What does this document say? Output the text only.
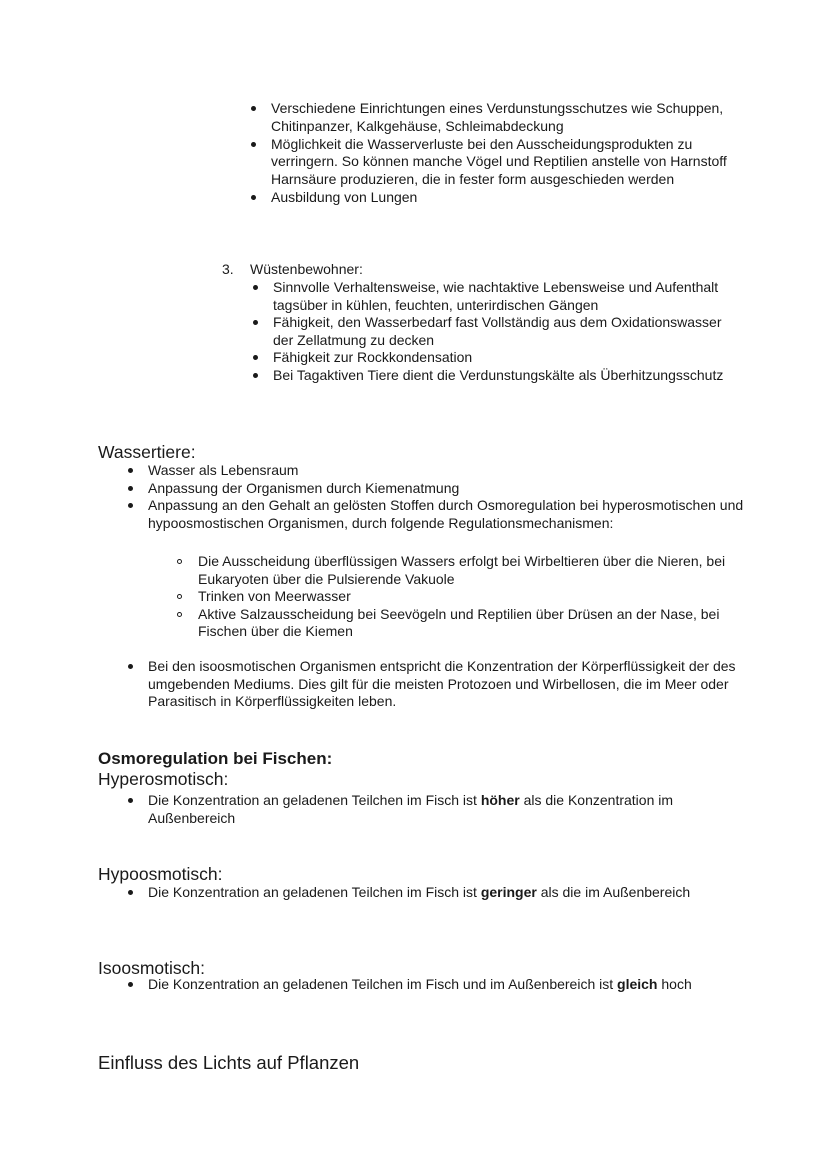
Verschiedene Einrichtungen eines Verdunstungsschutzes wie Schuppen, Chitinpanzer, Kalkgehäuse, Schleimabdeckung
Möglichkeit die Wasserverluste bei den Ausscheidungsprodukten zu verringern. So können manche Vögel und Reptilien anstelle von Harnstoff Harnsäure produzieren, die in fester form ausgeschieden werden
Ausbildung von Lungen
3. Wüstenbewohner:
Sinnvolle Verhaltensweise, wie nachtaktive Lebensweise und Aufenthalt tagsüber in kühlen, feuchten, unterirdischen Gängen
Fähigkeit, den Wasserbedarf fast Vollständig aus dem Oxidationswasser der Zellatmung zu decken
Fähigkeit zur Rockkondensation
Bei Tagaktiven Tiere dient die Verdunstungskälte als Überhitzungsschutz
Wassertiere:
Wasser als Lebensraum
Anpassung der Organismen durch Kiemenatmung
Anpassung an den Gehalt an gelösten Stoffen durch Osmoregulation bei hyperosmotischen und hypoosmostischen Organismen, durch folgende Regulationsmechanismen:
Die Ausscheidung überflüssigen Wassers erfolgt bei Wirbeltieren über die Nieren, bei Eukaryoten über die Pulsierende Vakuole
Trinken von Meerwasser
Aktive Salzausscheidung bei Seevögeln und Reptilien über Drüsen an der Nase, bei Fischen über die Kiemen
Bei den isoosmotischen Organismen entspricht die Konzentration der Körperflüssigkeit der des umgebenden Mediums. Dies gilt für die meisten Protozoen und Wirbellosen, die im Meer oder Parasitisch in Körperflüssigkeiten leben.
Osmoregulation bei Fischen:
Hyperosmotisch:
Die Konzentration an geladenen Teilchen im Fisch ist höher als die Konzentration im Außenbereich
Hypoosmotisch:
Die Konzentration an geladenen Teilchen im Fisch ist geringer als die im Außenbereich
Isoosmotisch:
Die Konzentration an geladenen Teilchen im Fisch und im Außenbereich ist gleich hoch
Einfluss des Lichts auf Pflanzen
